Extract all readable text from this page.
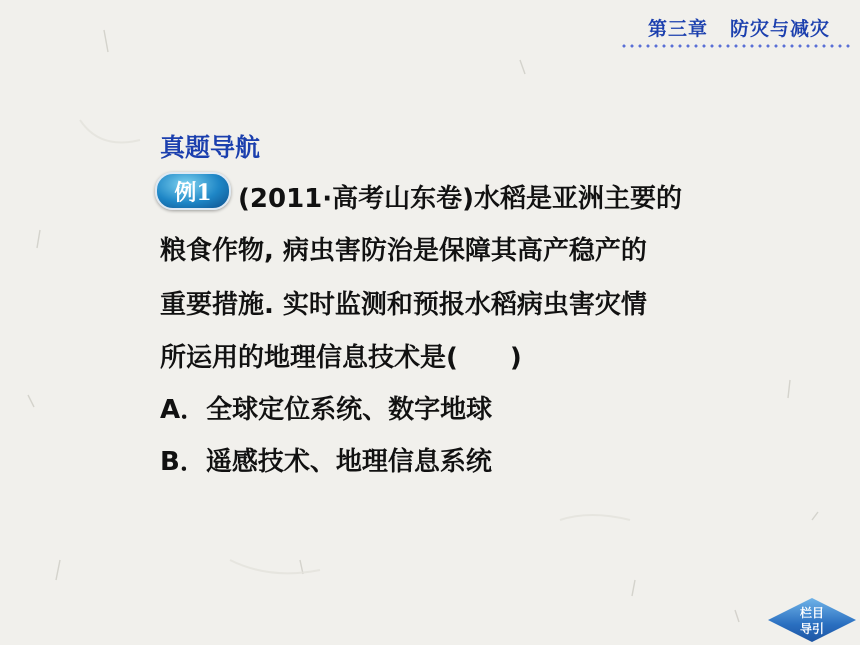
第三章 防灾与减灾
真题导航
例1	(2011·高考山东卷)水稻是亚洲主要的
粮食作物, 病虫害防治是保障其高产稳产的
重要措施. 实时监测和预报水稻病虫害灾情
所运用的地理信息技术是(　　)
A．全球定位系统、数字地球
B．遥感技术、地理信息系统
栏目
导引
